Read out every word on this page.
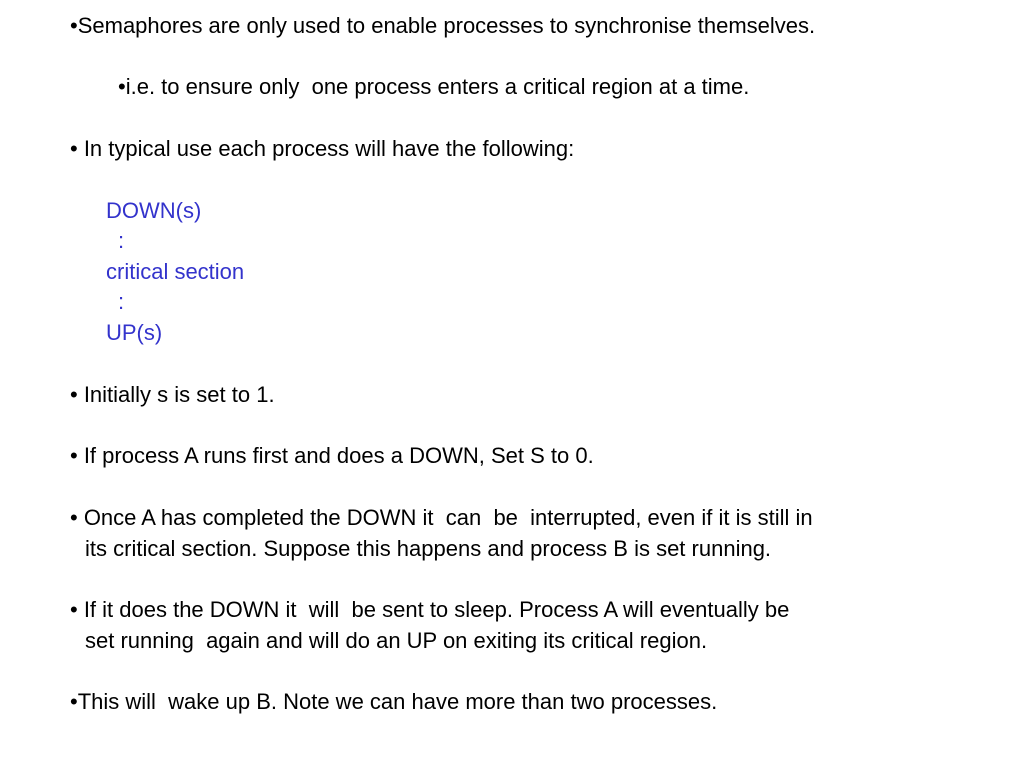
•Semaphores are only used to enable processes to synchronise themselves.
•i.e. to ensure only  one process enters a critical region at a time.
• In typical use each process will have the following:
DOWN(s)
:
critical section
:
UP(s)
• Initially s is set to 1.
• If process A runs first and does a DOWN, Set S to 0.
• Once A has completed the DOWN it  can  be  interrupted, even if it is still in
its critical section. Suppose this happens and process B is set running.
• If it does the DOWN it  will  be sent to sleep. Process A will eventually be
set running  again and will do an UP on exiting its critical region.
•This will  wake up B. Note we can have more than two processes.
